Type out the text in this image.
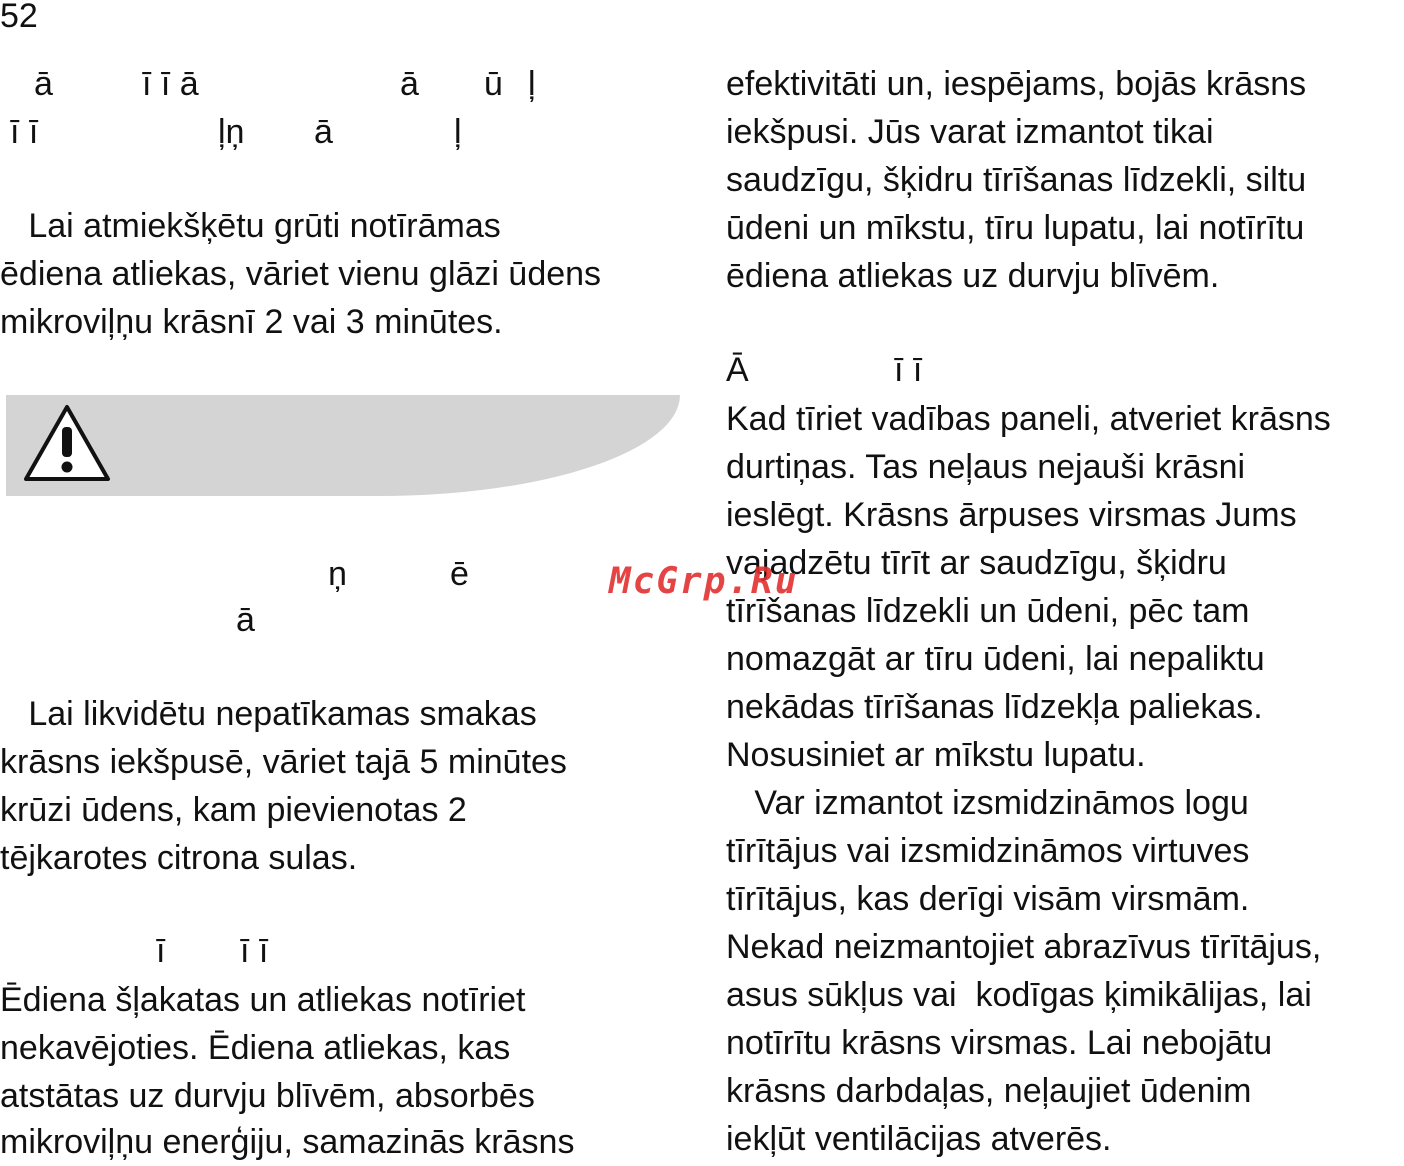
52
ā	ī ī ā	ā ū ļ
ī ī	ļņ ā	ļ
Lai atmiekšķētu grūti notīrāmas
ēdiena atliekas, vāriet vienu glāzi ūdens
mikroviļņu krāsnī 2 vai 3 minūtes.
ņ	ē
ā
Lai likvidētu nepatīkamas smakas
krāsns iekšpusē, vāriet tajā 5 minūtes
krūzi ūdens, kam pievienotas 2
tējkarotes citrona sulas.
ī ī ī
Ēdiena šļakatas un atliekas notīriet
nekavējoties. Ēdiena atliekas, kas
atstātas uz durvju blīvēm, absorbēs
mikroviļņu enerģiju, samazinās krāsns
efektivitāti un, iespējams, bojās krāsns
iekšpusi. Jūs varat izmantot tikai
saudzīgu, šķidru tīrīšanas līdzekli, siltu
ūdeni un mīkstu, tīru lupatu, lai notīrītu
ēdiena atliekas uz durvju blīvēm.
Ā	ī ī
Kad tīriet vadības paneli, atveriet krāsns
durtiņas. Tas neļaus nejauši krāsni
ieslēgt. Krāsns ārpuses virsmas Jums
vajadzētu tīrīt ar saudzīgu, šķidru
tīrīšanas līdzekli un ūdeni, pēc tam
nomazgāt ar tīru ūdeni, lai nepaliktu
nekādas tīrīšanas līdzekļa paliekas.
Nosusiniet ar mīkstu lupatu.
Var izmantot izsmidzināmos logu
tīrītājus vai izsmidzināmos virtuves
tīrītājus, kas derīgi visām virsmām.
Nekad neizmantojiet abrazīvus tīrītājus,
asus sūkļus vai  kodīgas ķimikālijas, lai
notīrītu krāsns virsmas. Lai nebojātu
krāsns darbdaļas, neļaujiet ūdenim
iekļūt ventilācijas atverēs.
McGrp.Ru
